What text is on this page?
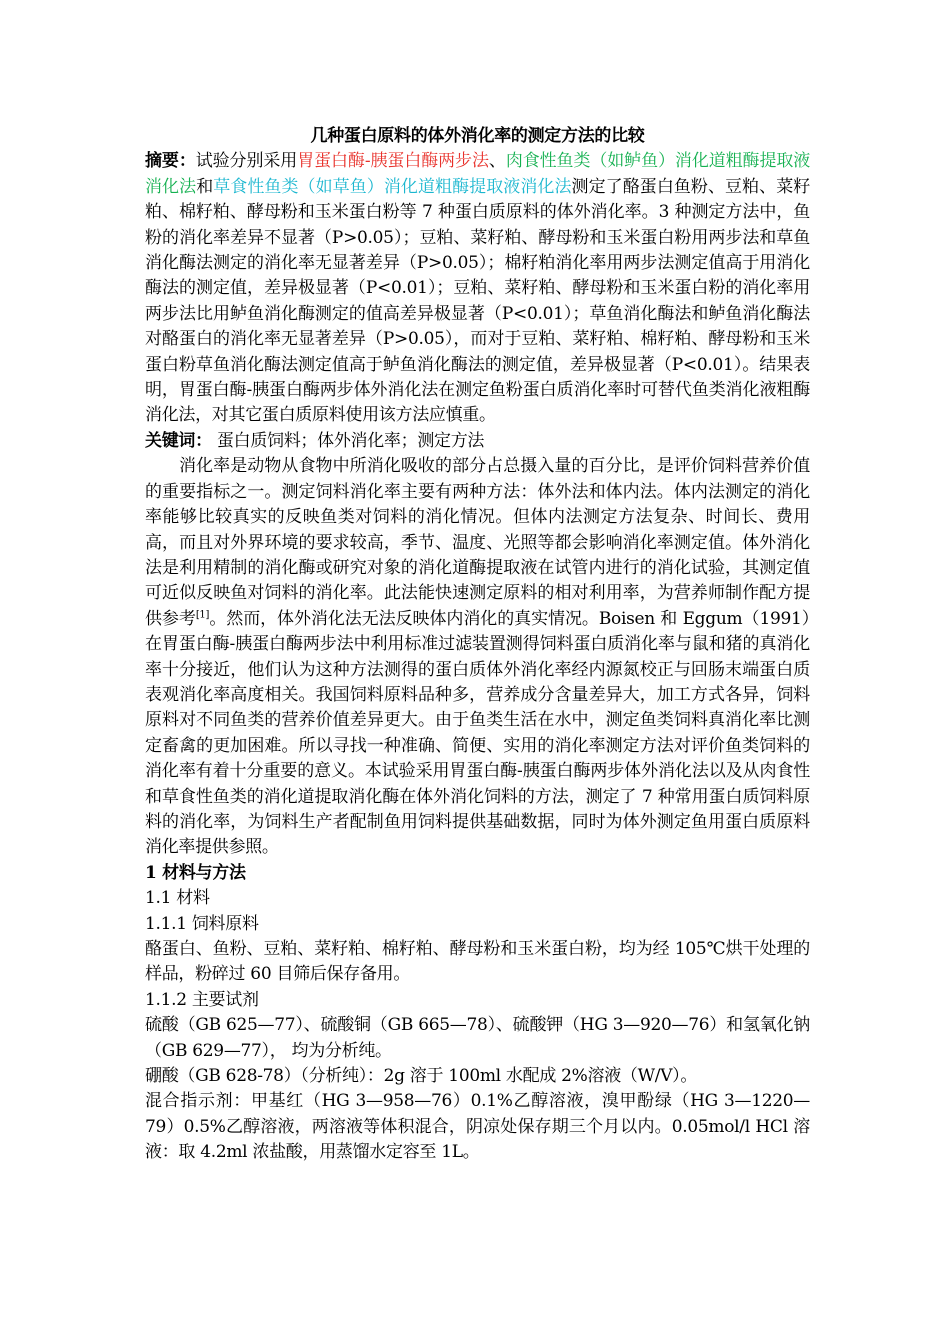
几种蛋白原料的体外消化率的测定方法的比较

摘要：试验分别采用胃蛋白酶-胰蛋白酶两步法、肉食性鱼类（如鲈鱼）消化道粗酶提取液消化法和草食性鱼类（如草鱼）消化道粗酶提取液消化法测定了酪蛋白鱼粉、豆粕、菜籽粕、棉籽粕、酵母粉和玉米蛋白粉等 7 种蛋白质原料的体外消化率。3 种测定方法中，鱼粉的消化率差异不显著（P>0.05）；豆粕、菜籽粕、酵母粉和玉米蛋白粉用两步法和草鱼消化酶法测定的消化率无显著差异（P>0.05）；棉籽粕消化率用两步法测定值高于用消化酶法的测定值，差异极显著（P<0.01）；豆粕、菜籽粕、酵母粉和玉米蛋白粉的消化率用两步法比用鲈鱼消化酶测定的值高差异极显著（P<0.01）；草鱼消化酶法和鲈鱼消化酶法对酪蛋白的消化率无显著差异（P>0.05），而对于豆粕、菜籽粕、棉籽粕、酵母粉和玉米蛋白粉草鱼消化酶法测定值高于鲈鱼消化酶法的测定值，差异极显著（P<0.01）。结果表明，胃蛋白酶-胰蛋白酶两步体外消化法在测定鱼粉蛋白质消化率时可替代鱼类消化液粗酶消化法，对其它蛋白质原料使用该方法应慎重。

关键词： 蛋白质饲料；体外消化率；测定方法

消化率是动物从食物中所消化吸收的部分占总摄入量的百分比，是评价饲料营养价值的重要指标之一。测定饲料消化率主要有两种方法：体外法和体内法。体内法测定的消化率能够比较真实的反映鱼类对饲料的消化情况。但体内法测定方法复杂、时间长、费用高，而且对外界环境的要求较高，季节、温度、光照等都会影响消化率测定值。体外消化法是利用精制的消化酶或研究对象的消化道酶提取液在试管内进行的消化试验，其测定值可近似反映鱼对饲料的消化率。此法能快速测定原料的相对利用率，为营养师制作配方提供参考[1]。然而，体外消化法无法反映体内消化的真实情况。Boisen 和 Eggum（1991）在胃蛋白酶-胰蛋白酶两步法中利用标准过滤装置测得饲料蛋白质消化率与鼠和猪的真消化率十分接近，他们认为这种方法测得的蛋白质体外消化率经内源氮校正与回肠末端蛋白质表观消化率高度相关。我国饲料原料品种多，营养成分含量差异大，加工方式各异，饲料原料对不同鱼类的营养价值差异更大。由于鱼类生活在水中，测定鱼类饲料真消化率比测定畜禽的更加困难。所以寻找一种准确、简便、实用的消化率测定方法对评价鱼类饲料的消化率有着十分重要的意义。本试验采用胃蛋白酶-胰蛋白酶两步体外消化法以及从肉食性和草食性鱼类的消化道提取消化酶在体外消化饲料的方法，测定了 7 种常用蛋白质饲料原料的消化率，为饲料生产者配制鱼用饲料提供基础数据，同时为体外测定鱼用蛋白质原料消化率提供参照。

1 材料与方法

1.1 材料

1.1.1 饲料原料

酪蛋白、鱼粉、豆粕、菜籽粕、棉籽粕、酵母粉和玉米蛋白粉，均为经 105℃烘干处理的样品，粉碎过 60 目筛后保存备用。

1.1.2 主要试剂

硫酸（GB 625—77）、硫酸铜（GB 665—78）、硫酸钾（HG 3—920—76）和氢氧化钠（GB 629—77）， 均为分析纯。

硼酸（GB 628-78）（分析纯）：2g 溶于 100ml 水配成 2%溶液（W/V）。

混合指示剂：甲基红（HG 3—958—76）0.1%乙醇溶液，溴甲酚绿（HG 3—1220—79）0.5%乙醇溶液，两溶液等体积混合，阴凉处保存期三个月以内。0.05mol/l HCl 溶液：取 4.2ml 浓盐酸，用蒸馏水定容至 1L。
